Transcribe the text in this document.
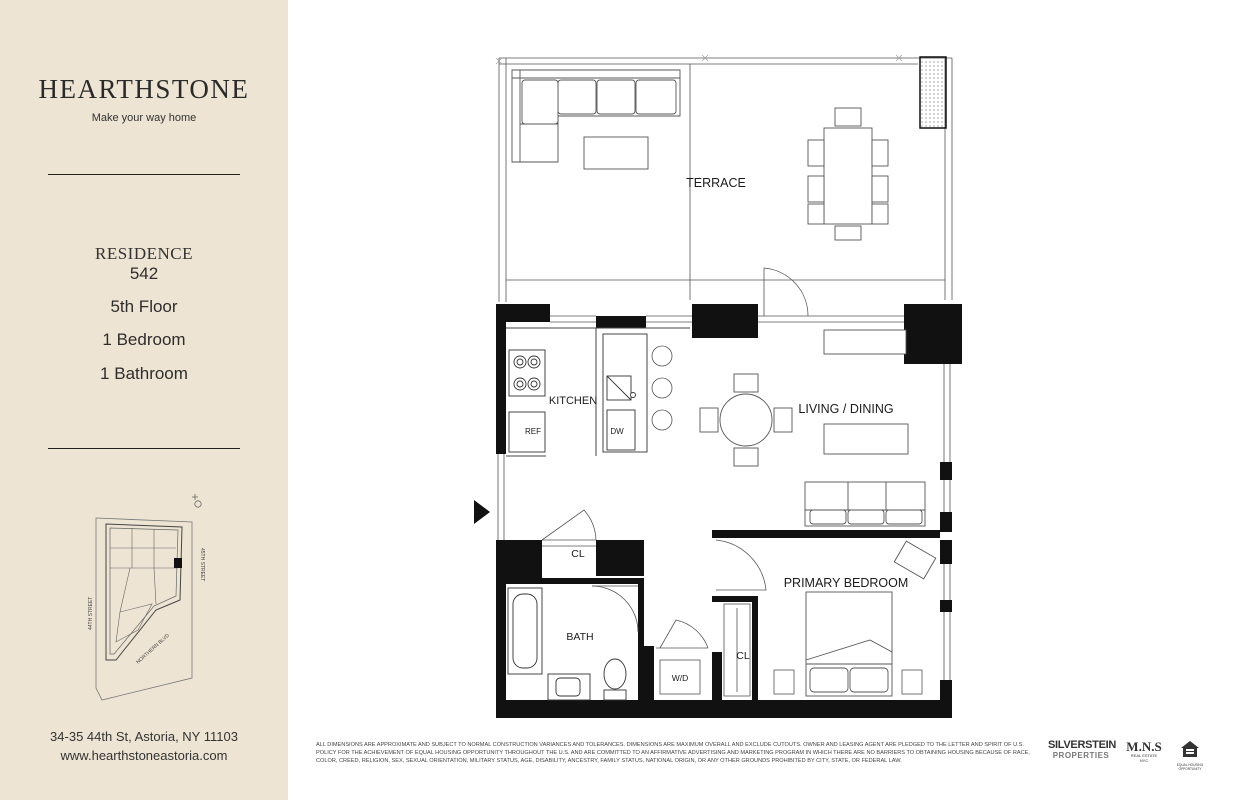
HEARTHSTONE
Make your way home
RESIDENCE
542
5th Floor
1 Bedroom
1 Bathroom
44TH STREET
45TH STREET
NORTHERN BLVD
34-35 44th St, Astoria, NY 11103
www.hearthstoneastoria.com
TERRACE
REF
KITCHEN
DW
LIVING / DINING
CL
BATH
W/D
CL
PRIMARY BEDROOM
ALL DIMENSIONS ARE APPROXIMATE AND SUBJECT TO NORMAL CONSTRUCTION VARIANCES AND TOLERANCES. DIMENSIONS ARE MAXIMUM OVERALL AND EXCLUDE CUTOUTS. OWNER AND LEASING AGENT ARE PLEDGED TO THE LETTER AND SPIRIT OF U.S. POLICY FOR THE ACHIEVEMENT OF EQUAL HOUSING OPPORTUNITY THROUGHOUT THE U.S. AND ARE COMMITTED TO AN AFFIRMATIVE ADVERTISING AND MARKETING PROGRAM IN WHICH THERE ARE NO BARRIERS TO OBTAINING HOUSING BECAUSE OF RACE, COLOR, CREED, RELIGION, SEX, SEXUAL ORIENTATION, MILITARY STATUS, AGE, DISABILITY, ANCESTRY, FAMILY STATUS, NATIONAL ORIGIN, OR ANY OTHER GROUNDS PROHIBITED BY CITY, STATE, OR FEDERAL LAW.
SILVERSTEIN
PROPERTIES
M.N.S
REAL ESTATE
NYC
EQUAL HOUSING OPPORTUNITY
